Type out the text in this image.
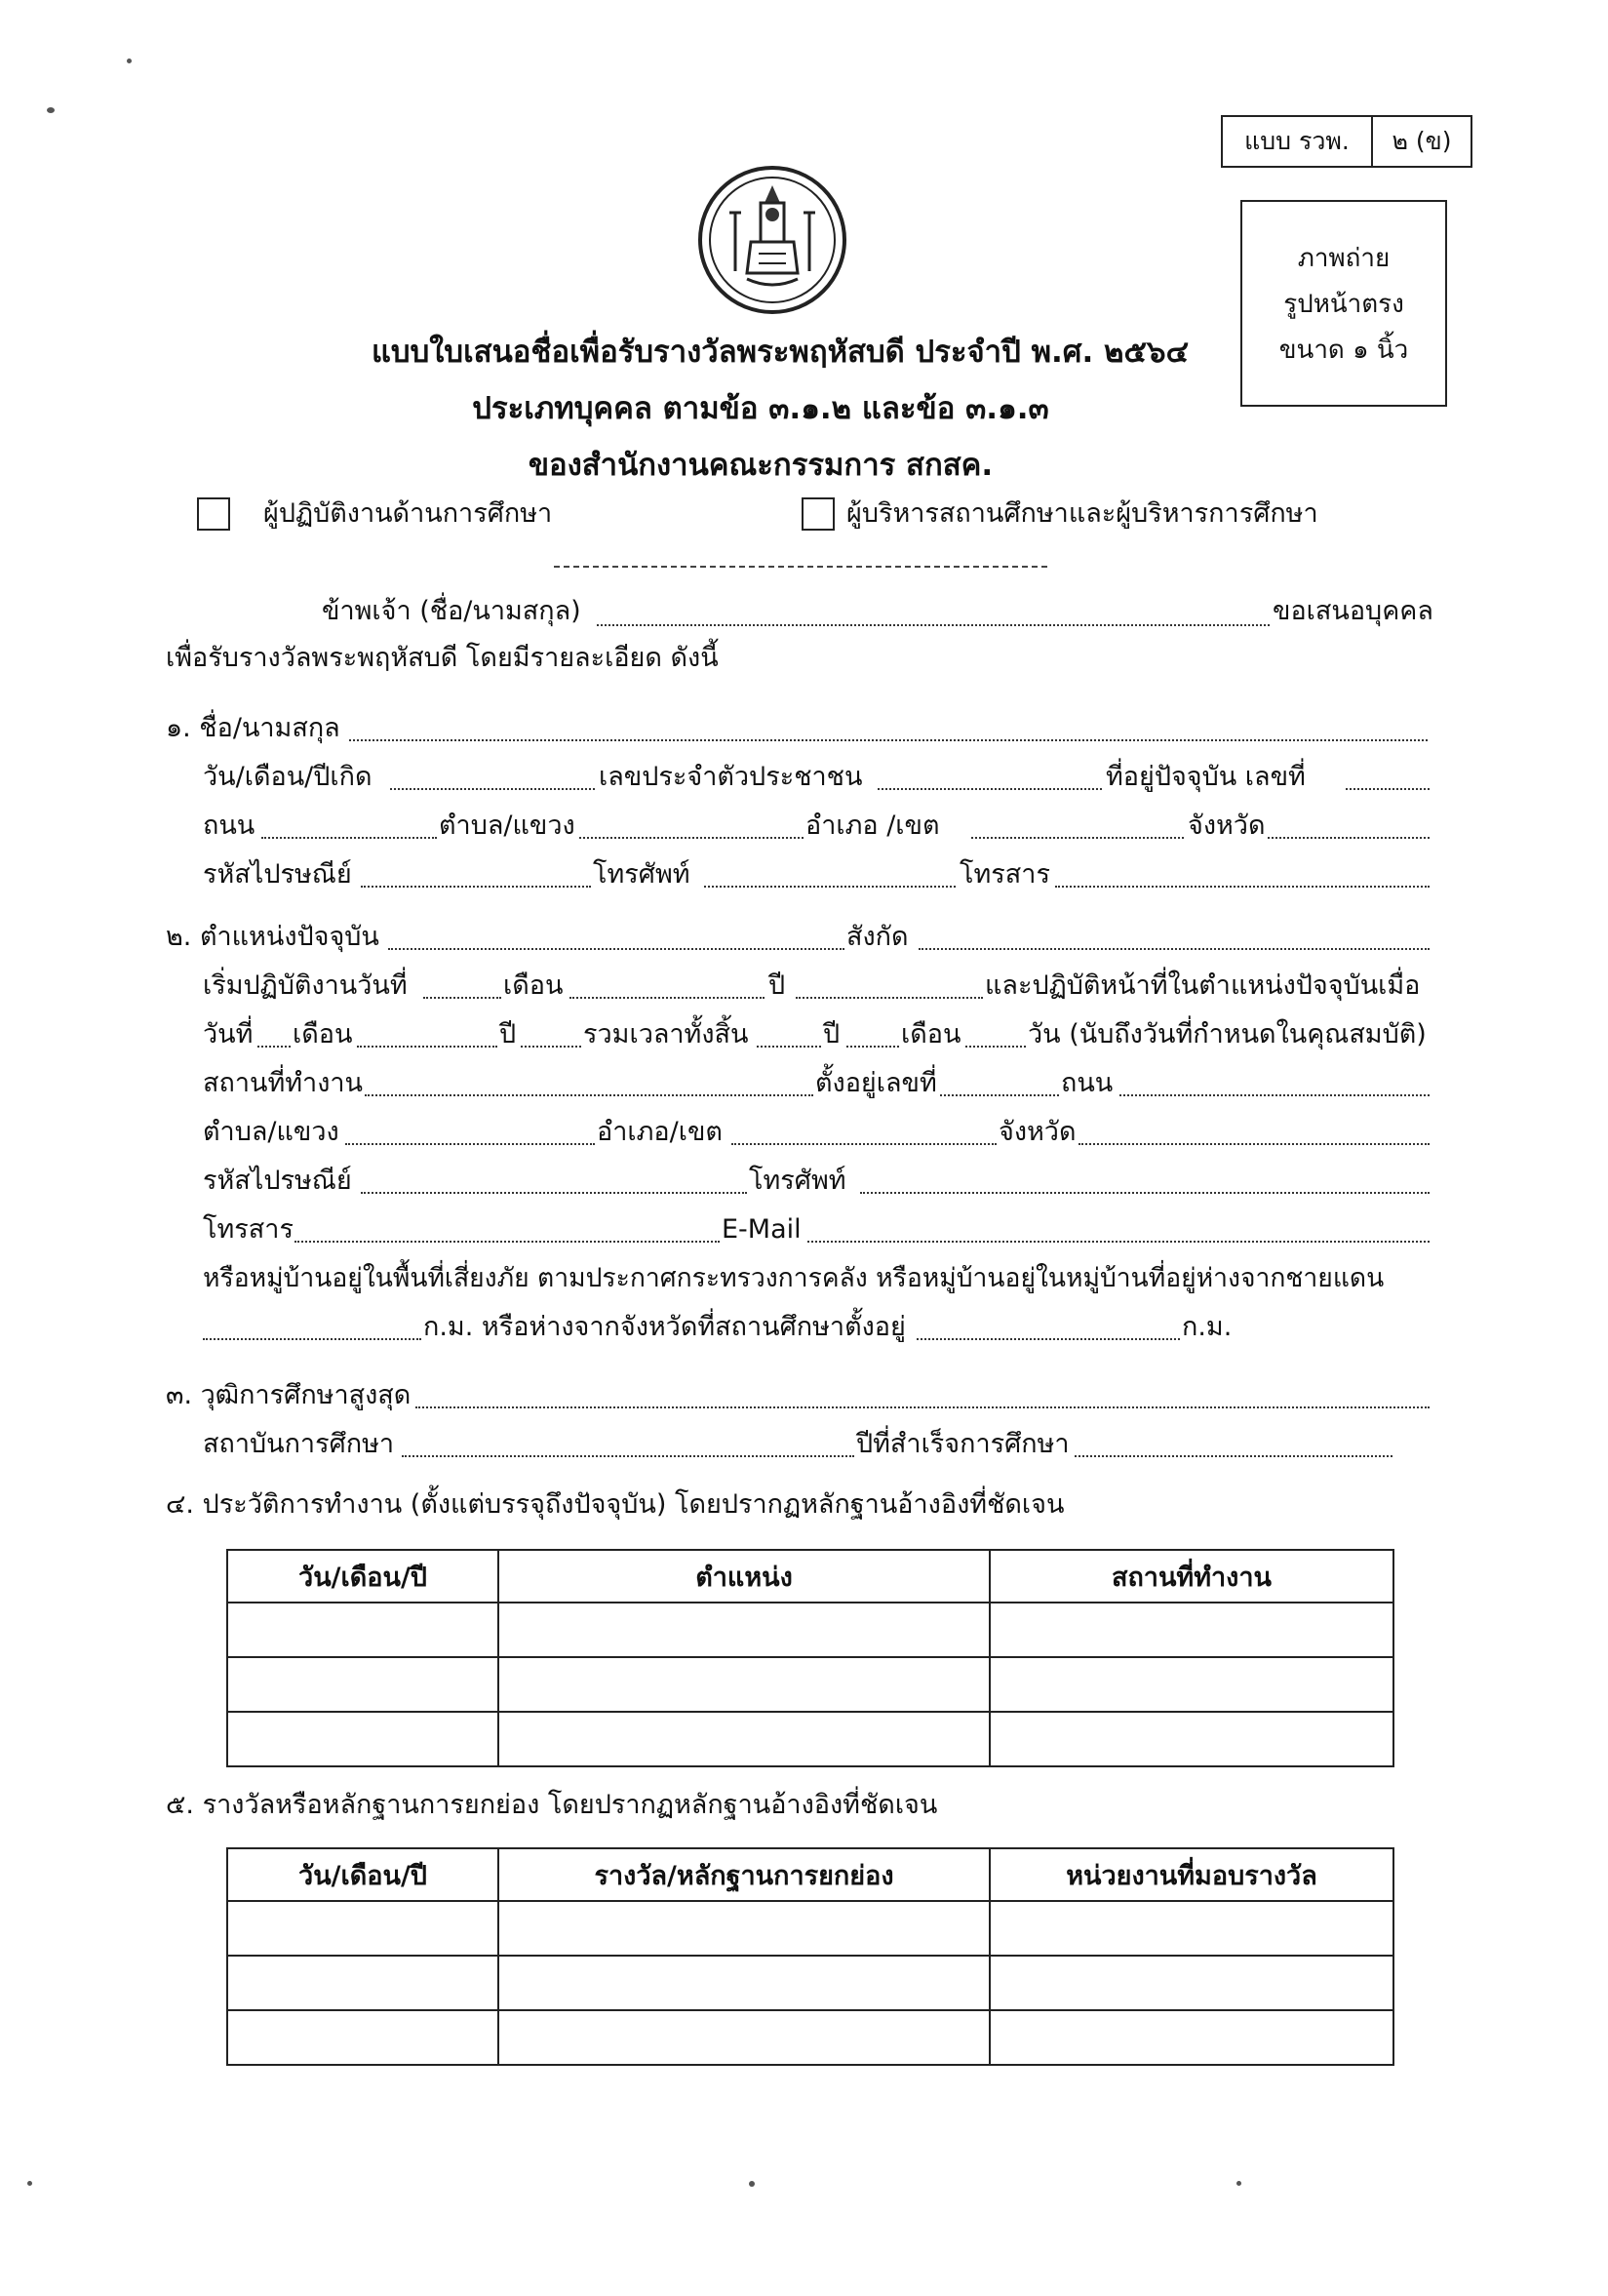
แบบ รวพ.	๒ (ข)
ภาพถ่าย
รูปหน้าตรง
ขนาด ๑ นิ้ว
แบบใบเสนอชื่อเพื่อรับรางวัลพระพฤหัสบดี ประจำปี พ.ศ. ๒๕๖๔
ประเภทบุคคล ตามข้อ ๓.๑.๒ และข้อ ๓.๑.๓
ของสำนักงานคณะกรรมการ สกสค.
ผู้ปฏิบัติงานด้านการศึกษา	ผู้บริหารสถานศึกษาและผู้บริหารการศึกษา
ข้าพเจ้า (ชื่อ/นามสกุล)	ขอเสนอบุคคล
เพื่อรับรางวัลพระพฤหัสบดี โดยมีรายละเอียด ดังนี้
๑. ชื่อ/นามสกุล
วัน/เดือน/ปีเกิด	เลขประจำตัวประชาชน	ที่อยู่ปัจจุบัน เลขที่
ถนน	ตำบล/แขวง	อำเภอ /เขต	จังหวัด
รหัสไปรษณีย์	โทรศัพท์	โทรสาร
๒. ตำแหน่งปัจจุบัน	สังกัด
เริ่มปฏิบัติงานวันที่	เดือน	ปี	และปฏิบัติหน้าที่ในตำแหน่งปัจจุบันเมื่อ
วันที่ เดือน	ปี	รวมเวลาทั้งสิ้น	ปี เดือน	วัน (นับถึงวันที่กำหนดในคุณสมบัติ)
สถานที่ทำงาน	ตั้งอยู่เลขที่	ถนน
ตำบล/แขวง	อำเภอ/เขต	จังหวัด
รหัสไปรษณีย์	โทรศัพท์
โทรสาร	E-Mail
หรือหมู่บ้านอยู่ในพื้นที่เสี่ยงภัย ตามประกาศกระทรวงการคลัง หรือหมู่บ้านอยู่ในหมู่บ้านที่อยู่ห่างจากชายแดน
ก.ม. หรือห่างจากจังหวัดที่สถานศึกษาตั้งอยู่	ก.ม.
๓. วุฒิการศึกษาสูงสุด
สถาบันการศึกษา	ปีที่สำเร็จการศึกษา
๔. ประวัติการทำงาน (ตั้งแต่บรรจุถึงปัจจุบัน) โดยปรากฏหลักฐานอ้างอิงที่ชัดเจน
วัน/เดือน/ปี	ตำแหน่ง	สถานที่ทำงาน

๕. รางวัลหรือหลักฐานการยกย่อง โดยปรากฏหลักฐานอ้างอิงที่ชัดเจน
วัน/เดือน/ปี	รางวัล/หลักฐานการยกย่อง	หน่วยงานที่มอบรางวัล
